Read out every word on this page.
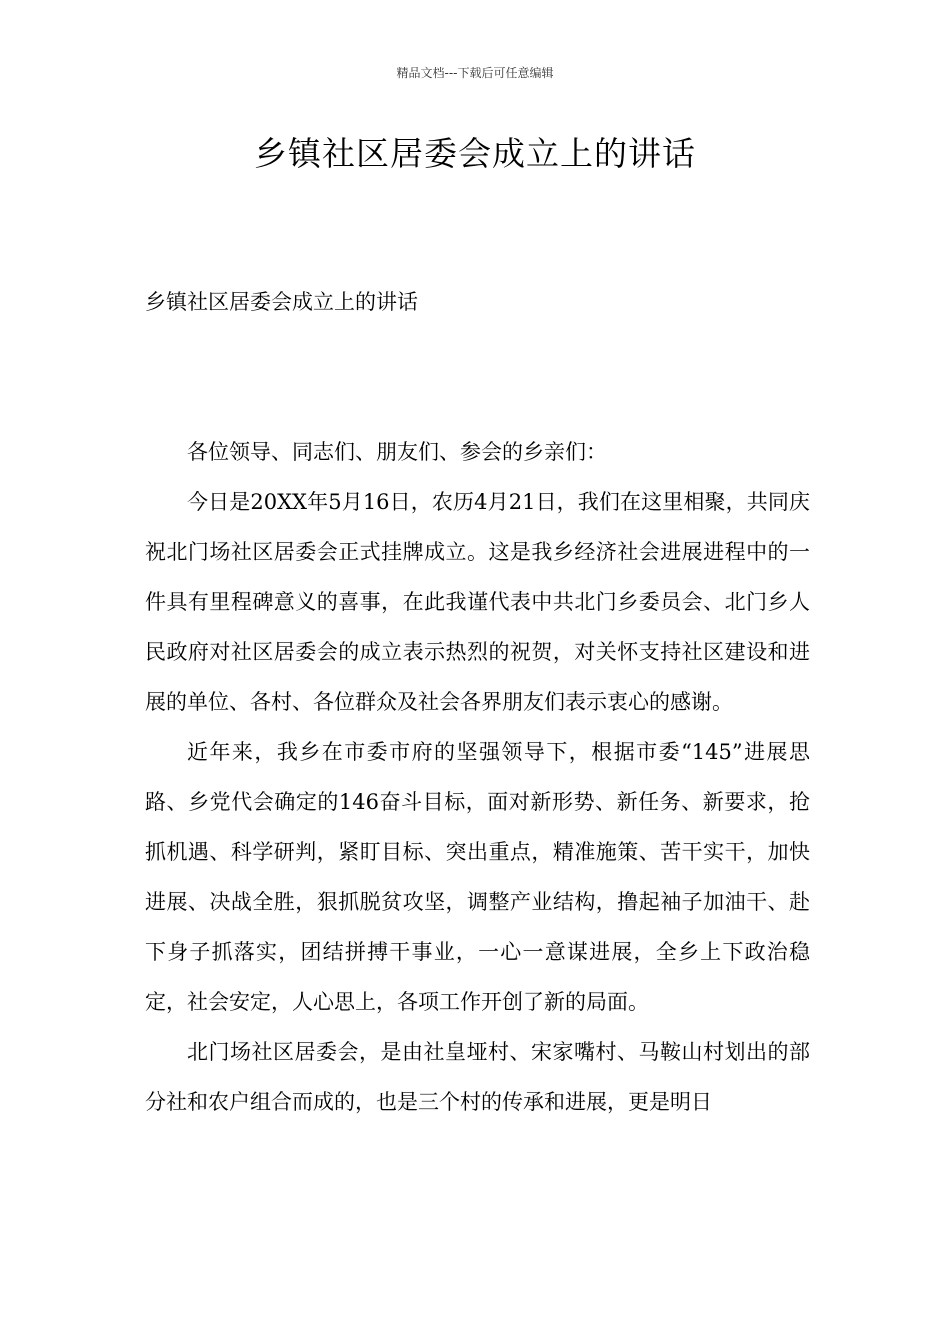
精品文档---下载后可任意编辑
乡镇社区居委会成立上的讲话
乡镇社区居委会成立上的讲话

各位领导、同志们、朋友们、参会的乡亲们：

今日是20XX年5月16日，农历4月21日，我们在这里相聚，共同庆祝北门场社区居委会正式挂牌成立。这是我乡经济社会进展进程中的一件具有里程碑意义的喜事，在此我谨代表中共北门乡委员会、北门乡人民政府对社区居委会的成立表示热烈的祝贺，对关怀支持社区建设和进展的单位、各村、各位群众及社会各界朋友们表示衷心的感谢。

近年来，我乡在市委市府的坚强领导下，根据市委“145”进展思路、乡党代会确定的146奋斗目标，面对新形势、新任务、新要求，抢抓机遇、科学研判，紧盯目标、突出重点，精准施策、苦干实干，加快进展、决战全胜，狠抓脱贫攻坚，调整产业结构，撸起袖子加油干、赴下身子抓落实，团结拼搏干事业，一心一意谋进展，全乡上下政治稳定，社会安定，人心思上，各项工作开创了新的局面。

北门场社区居委会，是由社皇垭村、宋家嘴村、马鞍山村划出的部分社和农户组合而成的，也是三个村的传承和进展，更是明日
